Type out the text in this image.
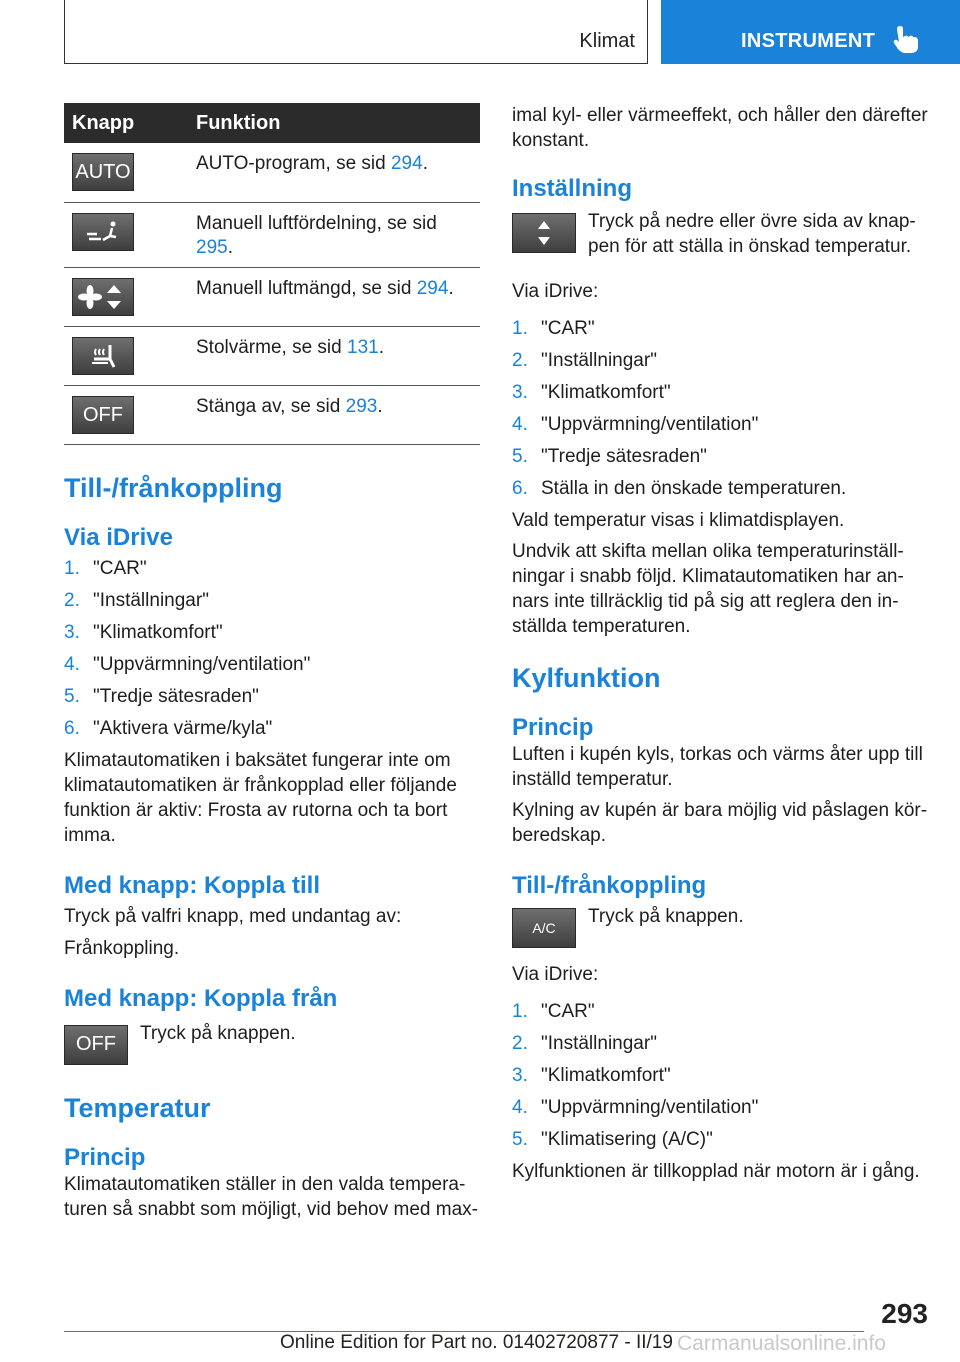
Klimat	INSTRUMENT
Knapp	Funktion

AUTO	AUTO-program, se sid 294.

	Manuell luftfördelning, se sid 295.

	Manuell luftmängd, se sid 294.

	Stolvärme, se sid 131.

OFF	Stänga av, se sid 293.
Till-/frånkoppling
Via iDrive
1. "CAR"
2. "Inställningar"
3. "Klimatkomfort"
4. "Uppvärmning/ventilation"
5. "Tredje sätesraden"
6. "Aktivera värme/kyla"

Klimatautomatiken i baksätet fungerar inte om klimatautomatiken är frånkopplad eller följande funktion är aktiv: Frosta av rutorna och ta bort imma.

Med knapp: Koppla till

Tryck på valfri knapp, med undantag av:

Frånkoppling.

Med knapp: Koppla från
OFF	Tryck på knappen.

Temperatur
Princip

Klimatautomatiken ställer in den valda tempera-turen så snabbt som möjligt, vid behov med max-

imal kyl- eller värmeeffekt, och håller den därefter konstant.

Inställning

Tryck på nedre eller övre sida av knap-pen för att ställa in önskad temperatur.

Via iDrive:

1. "CAR"
2. "Inställningar"
3. "Klimatkomfort"
4. "Uppvärmning/ventilation"
5. "Tredje sätesraden"
6. Ställa in den önskade temperaturen.

Vald temperatur visas i klimatdisplayen.

Undvik att skifta mellan olika temperaturinställ-ningar i snabb följd. Klimatautomatiken har an-nars inte tillräcklig tid på sig att reglera den in-ställda temperaturen.

Kylfunktion
Princip

Luften i kupén kyls, torkas och värms åter upp till inställd temperatur.

Kylning av kupén är bara möjlig vid påslagen kör-beredskap.

Till-/frånkoppling
A/C

Tryck på knappen.

Via iDrive:

1. "CAR"
2. "Inställningar"
3. "Klimatkomfort"
4. "Uppvärmning/ventilation"
5. "Klimatisering (A/C)"

Kylfunktionen är tillkopplad när motorn är i gång.

293
Online Edition for Part no. 01402720877 - II/19 Carmanualsonline.info
